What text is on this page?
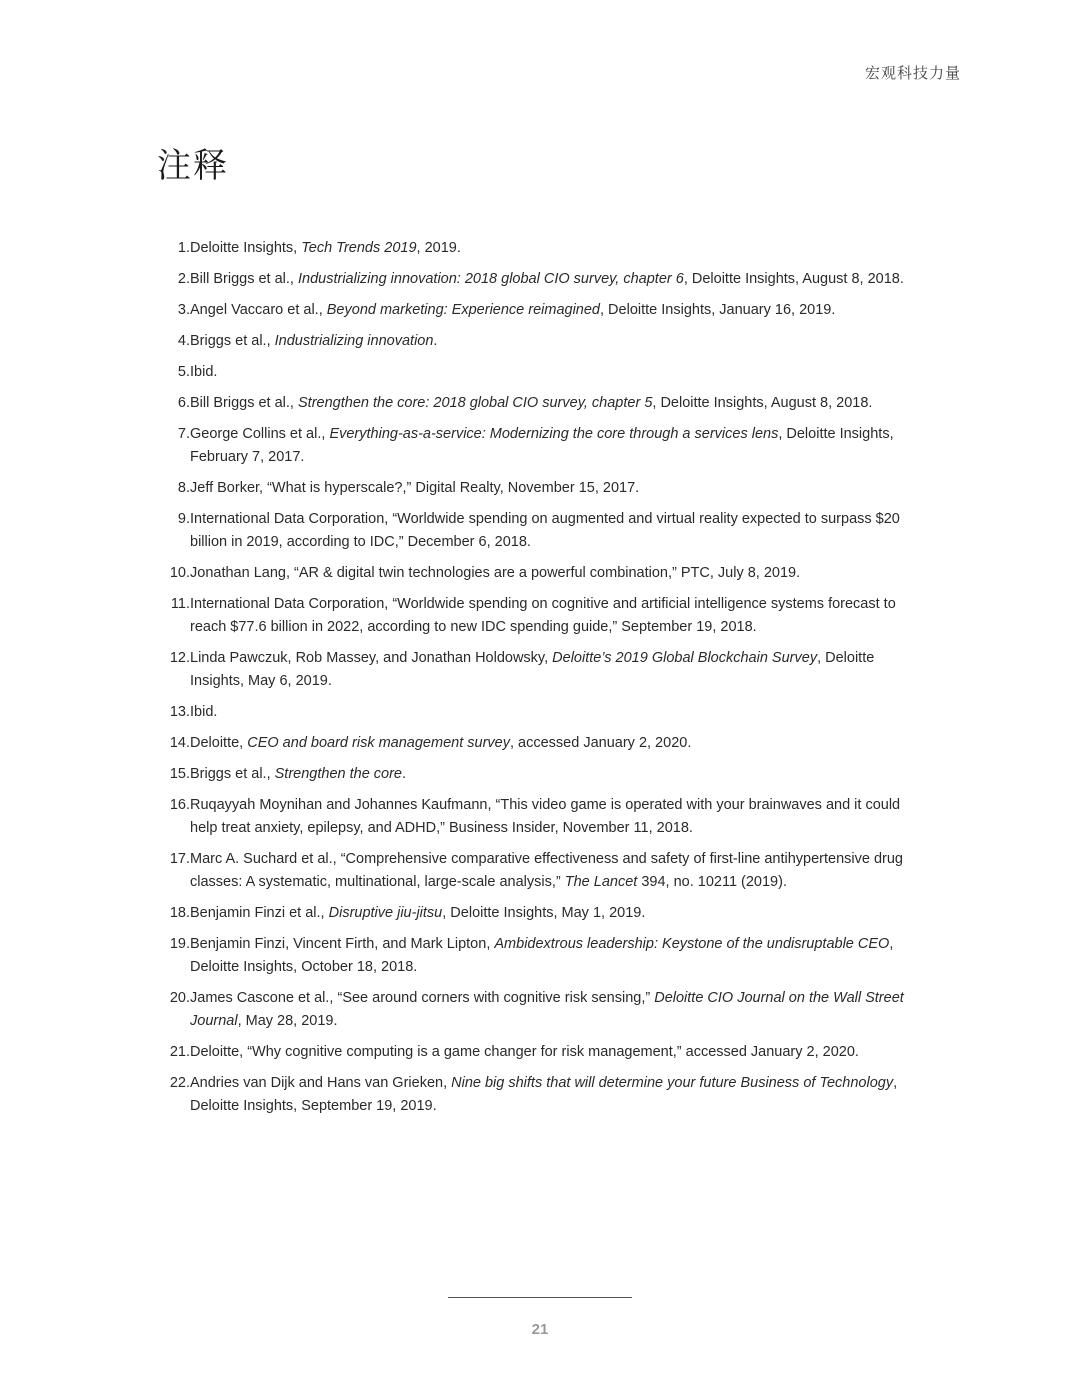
宏观科技力量
注释
1. Deloitte Insights, Tech Trends 2019, 2019.
2. Bill Briggs et al., Industrializing innovation: 2018 global CIO survey, chapter 6, Deloitte Insights, August 8, 2018.
3. Angel Vaccaro et al., Beyond marketing: Experience reimagined, Deloitte Insights, January 16, 2019.
4. Briggs et al., Industrializing innovation.
5. Ibid.
6. Bill Briggs et al., Strengthen the core: 2018 global CIO survey, chapter 5, Deloitte Insights, August 8, 2018.
7. George Collins et al., Everything-as-a-service: Modernizing the core through a services lens, Deloitte Insights, February 7, 2017.
8. Jeff Borker, “What is hyperscale?,” Digital Realty, November 15, 2017.
9. International Data Corporation, “Worldwide spending on augmented and virtual reality expected to surpass $20 billion in 2019, according to IDC,” December 6, 2018.
10. Jonathan Lang, “AR & digital twin technologies are a powerful combination,” PTC, July 8, 2019.
11. International Data Corporation, “Worldwide spending on cognitive and artificial intelligence systems forecast to reach $77.6 billion in 2022, according to new IDC spending guide,” September 19, 2018.
12. Linda Pawczuk, Rob Massey, and Jonathan Holdowsky, Deloitte’s 2019 Global Blockchain Survey, Deloitte Insights, May 6, 2019.
13. Ibid.
14. Deloitte, CEO and board risk management survey, accessed January 2, 2020.
15. Briggs et al., Strengthen the core.
16. Ruqayyah Moynihan and Johannes Kaufmann, “This video game is operated with your brainwaves and it could help treat anxiety, epilepsy, and ADHD,” Business Insider, November 11, 2018.
17. Marc A. Suchard et al., “Comprehensive comparative effectiveness and safety of first-line antihypertensive drug classes: A systematic, multinational, large-scale analysis,” The Lancet 394, no. 10211 (2019).
18. Benjamin Finzi et al., Disruptive jiu-jitsu, Deloitte Insights, May 1, 2019.
19. Benjamin Finzi, Vincent Firth, and Mark Lipton, Ambidextrous leadership: Keystone of the undisruptable CEO, Deloitte Insights, October 18, 2018.
20. James Cascone et al., “See around corners with cognitive risk sensing,” Deloitte CIO Journal on the Wall Street Journal, May 28, 2019.
21. Deloitte, “Why cognitive computing is a game changer for risk management,” accessed January 2, 2020.
22. Andries van Dijk and Hans van Grieken, Nine big shifts that will determine your future Business of Technology, Deloitte Insights, September 19, 2019.
21
